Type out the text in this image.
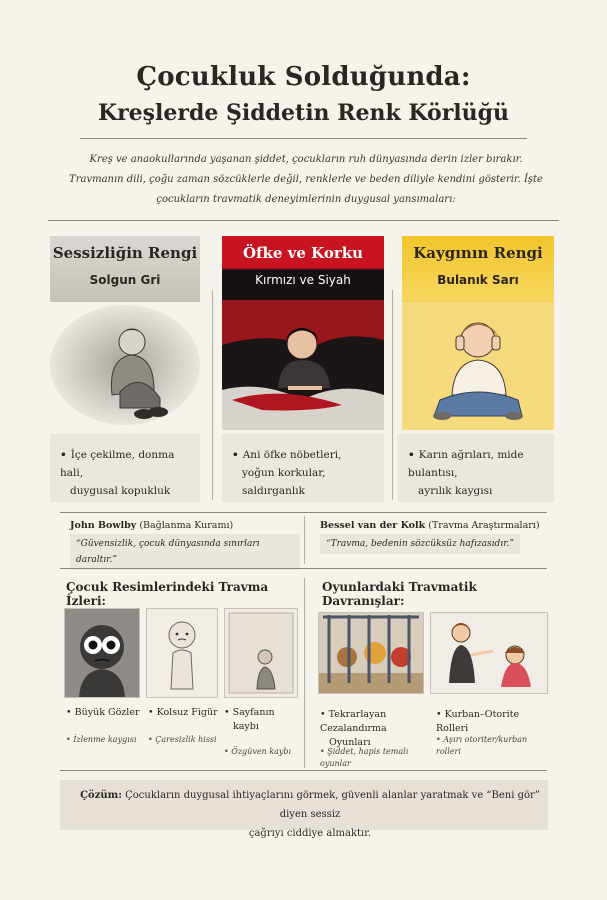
Çocukluk Solduğunda:
Kreşlerde Şiddetin Renk Körlüğü
Kreş ve anaokullarında yaşanan şiddet, çocukların ruh dünyasında derin izler bırakır. Travmanın dili, çoğu zaman sözcüklerle değil, renklerle ve beden diliyle kendini gösterir. İşte çocukların travmatik deneyimlerinin duygusal yansımaları:
Sessizliğin Rengi
Solgun Gri
• İçe çekilme, donma hali,
duygusal kopukluk
Öfke ve Korku
Kırmızı ve Siyah
• Ani öfke nöbetleri,
yoğun korkular,
saldırganlık
Kaygının Rengi
Bulanık Sarı
• Karın ağrıları, mide bulantısı,
ayrılık kaygısı
John Bowlby (Bağlanma Kuramı)
“Güvensizlik, çocuk dünyasında sınırları daraltır.”
Bessel van der Kolk (Travma Araştırmaları)
“Travma, bedenin sözcüksüz hafızasıdır.”
Çocuk Resimlerindeki Travma İzleri:
• Büyük Gözler
• İzlenme kaygısı
• Kolsuz Figür
• Çaresizlik hissi
• Sayfanın
kaybı
• Özgüven kaybı
Oyunlardaki Travmatik Davranışlar:
• Tekrarlayan Cezalandırma
Oyunları
• Şiddet, hapis temalı oyunlar
• Kurban–Otorite Rolleri
• Aşırı otoriter/kurban rolleri
Çözüm: Çocukların duygusal ihtiyaçlarını görmek, güvenli alanlar yaratmak ve “Beni gör” diyen sessiz
çağrıyı ciddiye almaktır.
